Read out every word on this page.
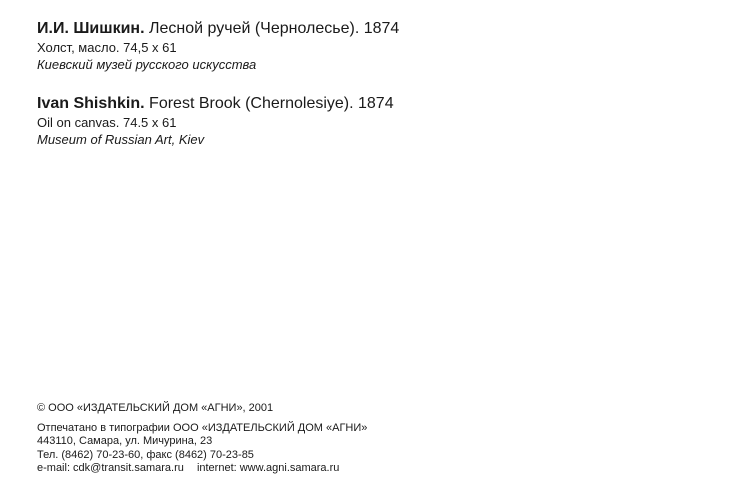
И.И. Шишкин. Лесной ручей (Чернолесье). 1874
Холст, масло. 74,5 x 61
Киевский музей русского искусства
Ivan Shishkin. Forest Brook (Chernolesiye). 1874
Oil on canvas. 74.5 x 61
Museum of Russian Art, Kiev
© ООО «ИЗДАТЕЛЬСКИЙ ДОМ «АГНИ», 2001
Отпечатано в типографии ООО «ИЗДАТЕЛЬСКИЙ ДОМ «АГНИ»
443110, Самара, ул. Мичурина, 23
Тел. (8462) 70-23-60, факс (8462) 70-23-85
e-mail: cdk@transit.samara.ru internet: www.agni.samara.ru
